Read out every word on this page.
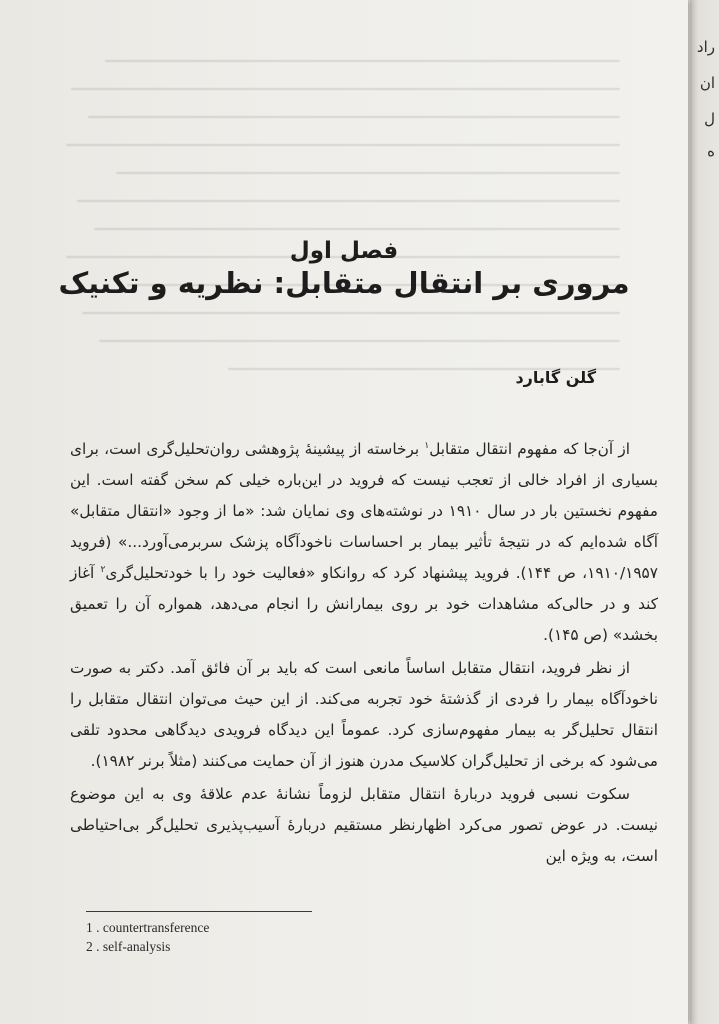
راد
ان
ل
ه
فصل اول
مروری بر انتقال متقابل: نظریه و تکنیک
گلن گابارد

از آن‌جا که مفهوم انتقال متقابل$^۱$ برخاسته از پیشینهٔ پژوهشی روان‌تحلیل‌گری است، برای بسیاری از افراد خالی از تعجب نیست که فروید در این‌باره خیلی کم سخن گفته است. این مفهوم نخستین بار در سال ۱۹۱۰ در نوشته‌های وی نمایان شد: «ما از وجود «انتقال متقابل» آگاه شده‌ایم که در نتیجهٔ تأثیر بیمار بر احساسات ناخودآگاه پزشک سربرمی‌آورد...» (فروید ۱۹۱۰/۱۹۵۷، ص ۱۴۴). فروید پیشنهاد کرد که روانکاو «فعالیت خود را با خودتحلیل‌گری$^۲$ آغاز کند و در حالی‌که مشاهدات خود بر روی بیمارانش را انجام می‌دهد، همواره آن را تعمیق بخشد» (ص ۱۴۵).

از نظر فروید، انتقال متقابل اساساً مانعی است که باید بر آن فائق آمد. دکتر به صورت ناخودآگاه بیمار را فردی از گذشتهٔ خود تجربه می‌کند. از این حیث می‌توان انتقال متقابل را انتقال تحلیل‌گر به بیمار مفهوم‌سازی کرد. عموماً این دیدگاه فرویدی دیدگاهی محدود تلقی می‌شود که برخی از تحلیل‌گران کلاسیک مدرن هنوز از آن حمایت می‌کنند (مثلاً برنر ۱۹۸۲).

سکوت نسبی فروید دربارهٔ انتقال متقابل لزوماً نشانهٔ عدم علاقهٔ وی به این موضوع نیست. در عوض تصور می‌کرد اظهارنظر مستقیم دربارهٔ آسیب‌پذیری تحلیل‌گر بی‌احتیاطی است، به ویژه این

1 . countertransference
2 . self-analysis
